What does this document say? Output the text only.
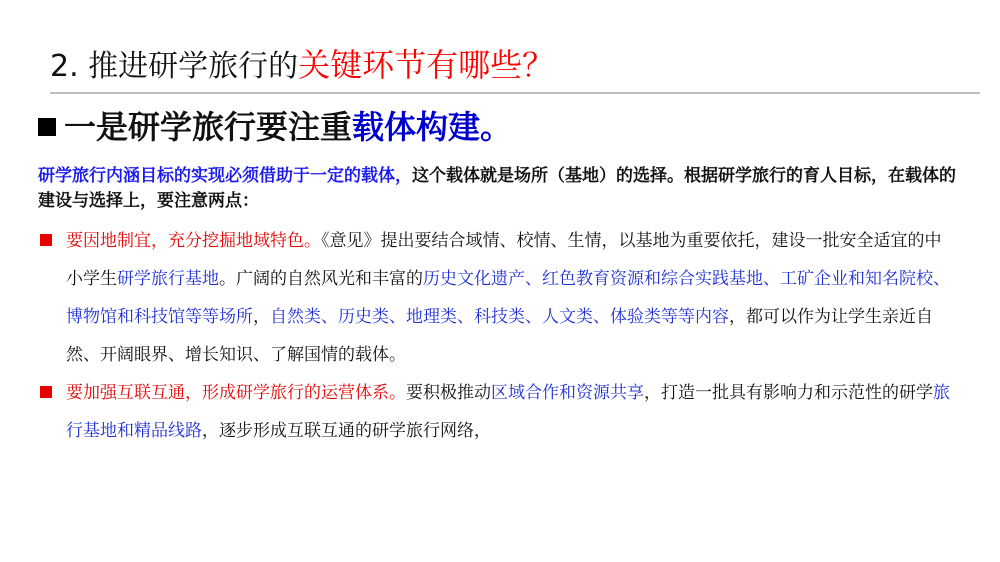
2. 推进研学旅行的关键环节有哪些？
一是研学旅行要注重载体构建。
研学旅行内涵目标的实现必须借助于一定的载体，这个载体就是场所（基地）的选择。根据研学旅行的育人目标，在载体的建设与选择上，要注意两点：
要因地制宜，充分挖掘地域特色。《意见》提出要结合域情、校情、生情，以基地为重要依托，建设一批安全适宜的中小学生研学旅行基地。广阔的自然风光和丰富的历史文化遗产、红色教育资源和综合实践基地、工矿企业和知名院校、博物馆和科技馆等等场所，自然类、历史类、地理类、科技类、人文类、体验类等等内容，都可以作为让学生亲近自然、开阔眼界、增长知识、了解国情的载体。
要加强互联互通，形成研学旅行的运营体系。要积极推动区域合作和资源共享，打造一批具有影响力和示范性的研学旅行基地和精品线路，逐步形成互联互通的研学旅行网络，
